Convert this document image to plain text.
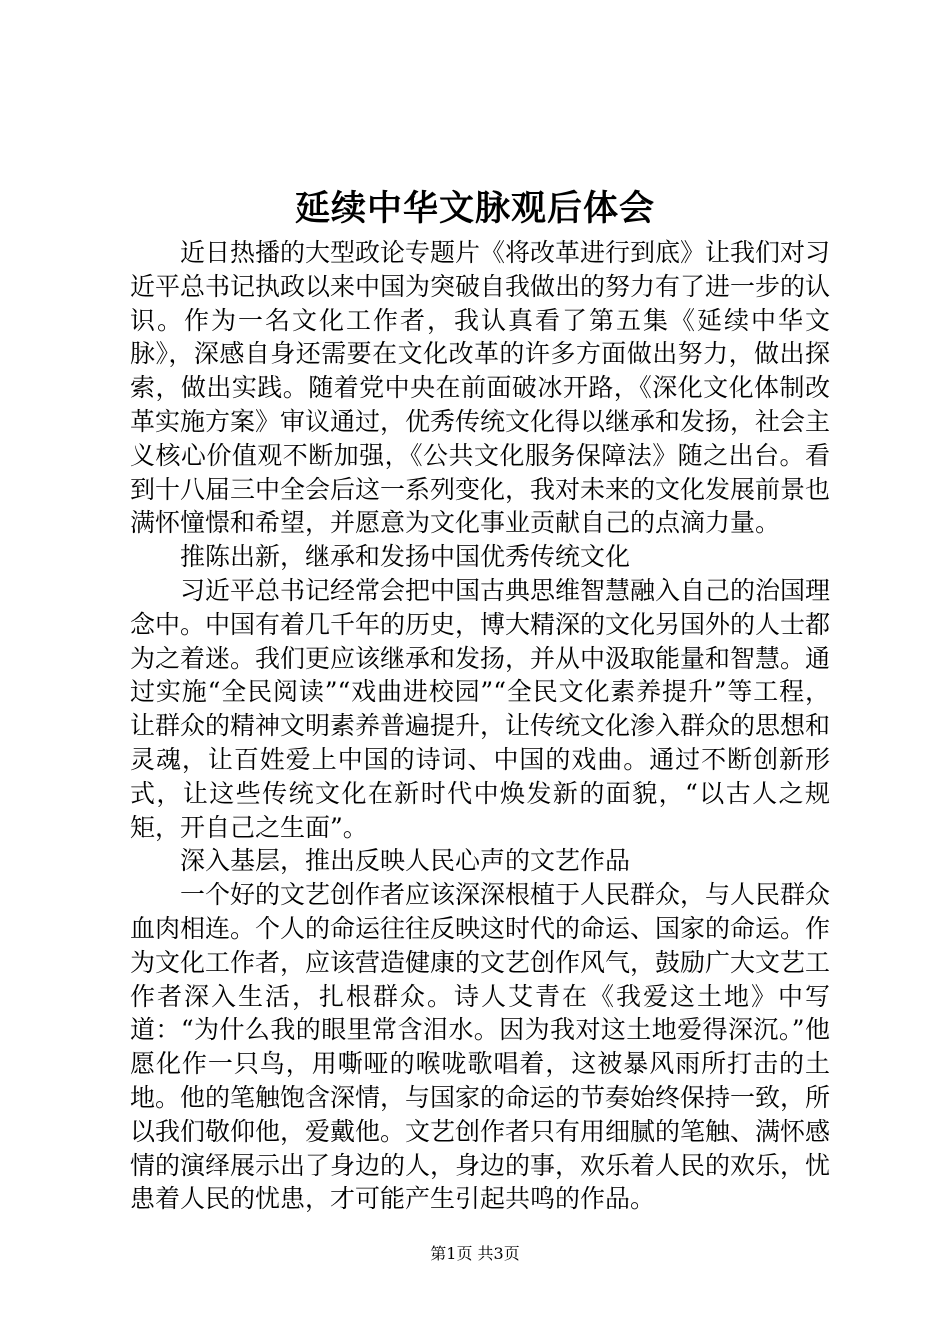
延续中华文脉观后体会

近日热播的大型政论专题片《将改革进行到底》让我们对习近平总书记执政以来中国为突破自我做出的努力有了进一步的认识。作为一名文化工作者，我认真看了第五集《延续中华文脉》，深感自身还需要在文化改革的许多方面做出努力，做出探索，做出实践。随着党中央在前面破冰开路，《深化文化体制改革实施方案》审议通过，优秀传统文化得以继承和发扬，社会主义核心价值观不断加强，《公共文化服务保障法》随之出台。看到十八届三中全会后这一系列变化，我对未来的文化发展前景也满怀憧憬和希望，并愿意为文化事业贡献自己的点滴力量。

推陈出新，继承和发扬中国优秀传统文化

习近平总书记经常会把中国古典思维智慧融入自己的治国理念中。中国有着几千年的历史，博大精深的文化另国外的人士都为之着迷。我们更应该继承和发扬，并从中汲取能量和智慧。通过实施“全民阅读”“戏曲进校园”“全民文化素养提升”等工程，让群众的精神文明素养普遍提升，让传统文化渗入群众的思想和灵魂，让百姓爱上中国的诗词、中国的戏曲。通过不断创新形式，让这些传统文化在新时代中焕发新的面貌，“以古人之规矩，开自己之生面”。

深入基层，推出反映人民心声的文艺作品

一个好的文艺创作者应该深深根植于人民群众，与人民群众血肉相连。个人的命运往往反映这时代的命运、国家的命运。作为文化工作者，应该营造健康的文艺创作风气，鼓励广大文艺工作者深入生活，扎根群众。诗人艾青在《我爱这土地》中写道：“为什么我的眼里常含泪水。因为我对这土地爱得深沉。”他愿化作一只鸟，用嘶哑的喉咙歌唱着，这被暴风雨所打击的土地。他的笔触饱含深情，与国家的命运的节奏始终保持一致，所以我们敬仰他，爱戴他。文艺创作者只有用细腻的笔触、满怀感情的演绎展示出了身边的人，身边的事，欢乐着人民的欢乐，忧患着人民的忧患，才可能产生引起共鸣的作品。

第1页 共3页
